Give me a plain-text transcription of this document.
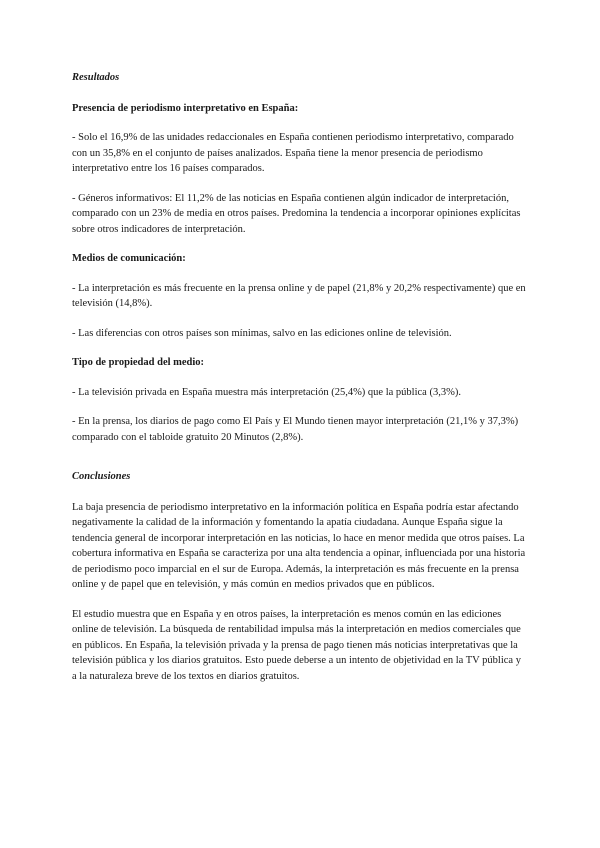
Resultados

Presencia de periodismo interpretativo en España:

- Solo el 16,9% de las unidades redaccionales en España contienen periodismo interpretativo, comparado con un 35,8% en el conjunto de países analizados. España tiene la menor presencia de periodismo interpretativo entre los 16 países comparados.

- Géneros informativos: El 11,2% de las noticias en España contienen algún indicador de interpretación, comparado con un 23% de media en otros países. Predomina la tendencia a incorporar opiniones explícitas sobre otros indicadores de interpretación.

Medios de comunicación:

- La interpretación es más frecuente en la prensa online y de papel (21,8% y 20,2% respectivamente) que en televisión (14,8%).

- Las diferencias con otros países son mínimas, salvo en las ediciones online de televisión.

Tipo de propiedad del medio:

- La televisión privada en España muestra más interpretación (25,4%) que la pública (3,3%).

- En la prensa, los diarios de pago como El País y El Mundo tienen mayor interpretación (21,1% y 37,3%) comparado con el tabloide gratuito 20 Minutos (2,8%).

Conclusiones

La baja presencia de periodismo interpretativo en la información política en España podría estar afectando negativamente la calidad de la información y fomentando la apatía ciudadana. Aunque España sigue la tendencia general de incorporar interpretación en las noticias, lo hace en menor medida que otros países. La cobertura informativa en España se caracteriza por una alta tendencia a opinar, influenciada por una historia de periodismo poco imparcial en el sur de Europa. Además, la interpretación es más frecuente en la prensa online y de papel que en televisión, y más común en medios privados que en públicos.

El estudio muestra que en España y en otros países, la interpretación es menos común en las ediciones online de televisión. La búsqueda de rentabilidad impulsa más la interpretación en medios comerciales que en públicos. En España, la televisión privada y la prensa de pago tienen más noticias interpretativas que la televisión pública y los diarios gratuitos. Esto puede deberse a un intento de objetividad en la TV pública y a la naturaleza breve de los textos en diarios gratuitos.
